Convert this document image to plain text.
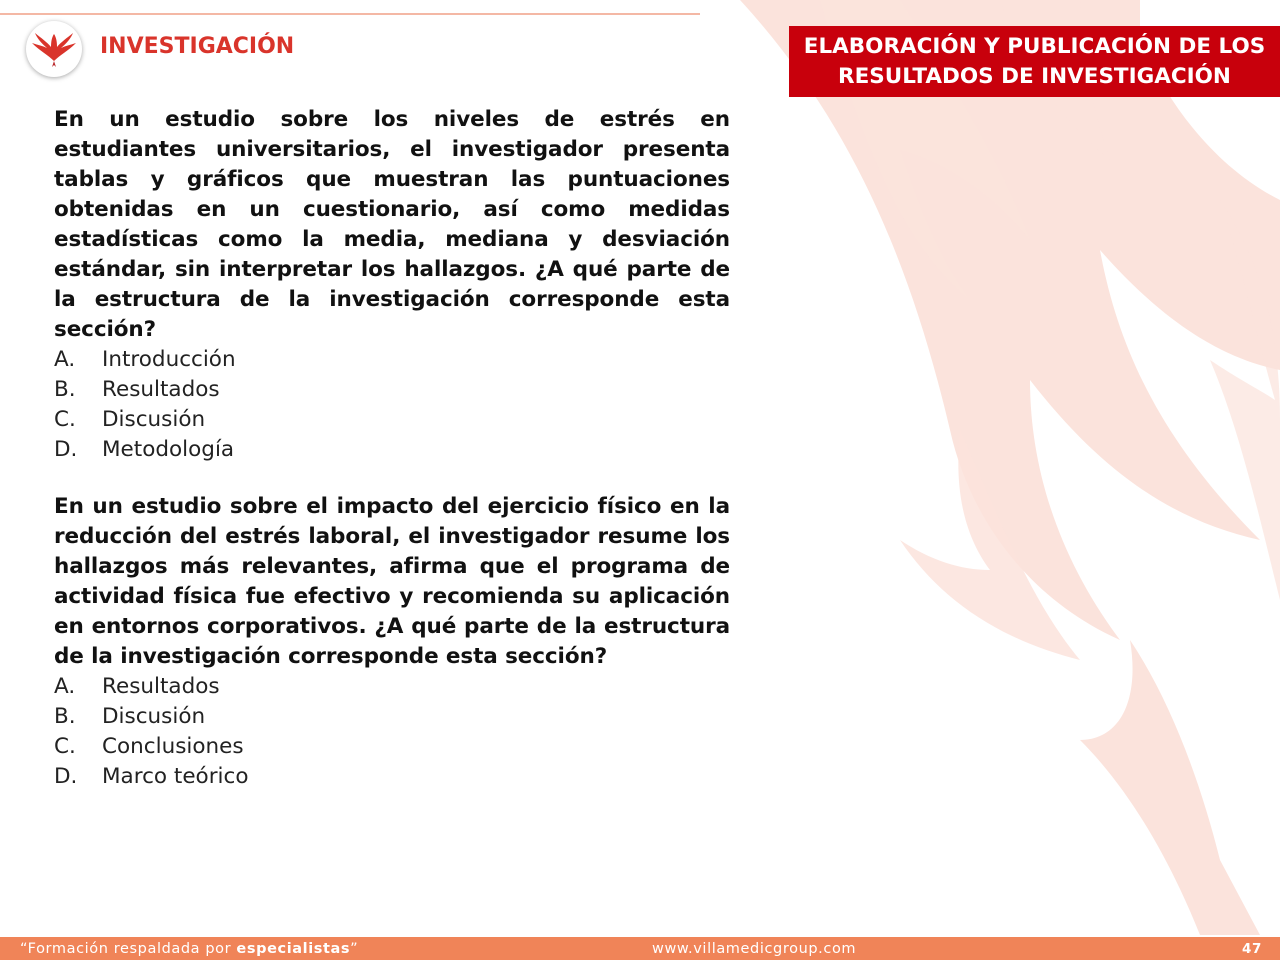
INVESTIGACIÓN	ELABORACIÓN Y PUBLICACIÓN DE LOS
RESULTADOS DE INVESTIGACIÓN

En un estudio sobre los niveles de estrés en estudiantes universitarios, el investigador presenta tablas y gráficos que muestran las puntuaciones obtenidas en un cuestionario, así como medidas estadísticas como la media, mediana y desviación estándar, sin interpretar los hallazgos. ¿A qué parte de la estructura de la investigación corresponde esta sección?

A.	Introducción
B.	Resultados
C.	Discusión
D.	Metodología

En un estudio sobre el impacto del ejercicio físico en la reducción del estrés laboral, el investigador resume los hallazgos más relevantes, afirma que el programa de actividad física fue efectivo y recomienda su aplicación en entornos corporativos. ¿A qué parte de la estructura de la investigación corresponde esta sección?

A.	Resultados
B.	Discusión
C.	Conclusiones
D.	Marco teórico
“Formación respaldada por especialistas”	www.villamedicgroup.com	47
